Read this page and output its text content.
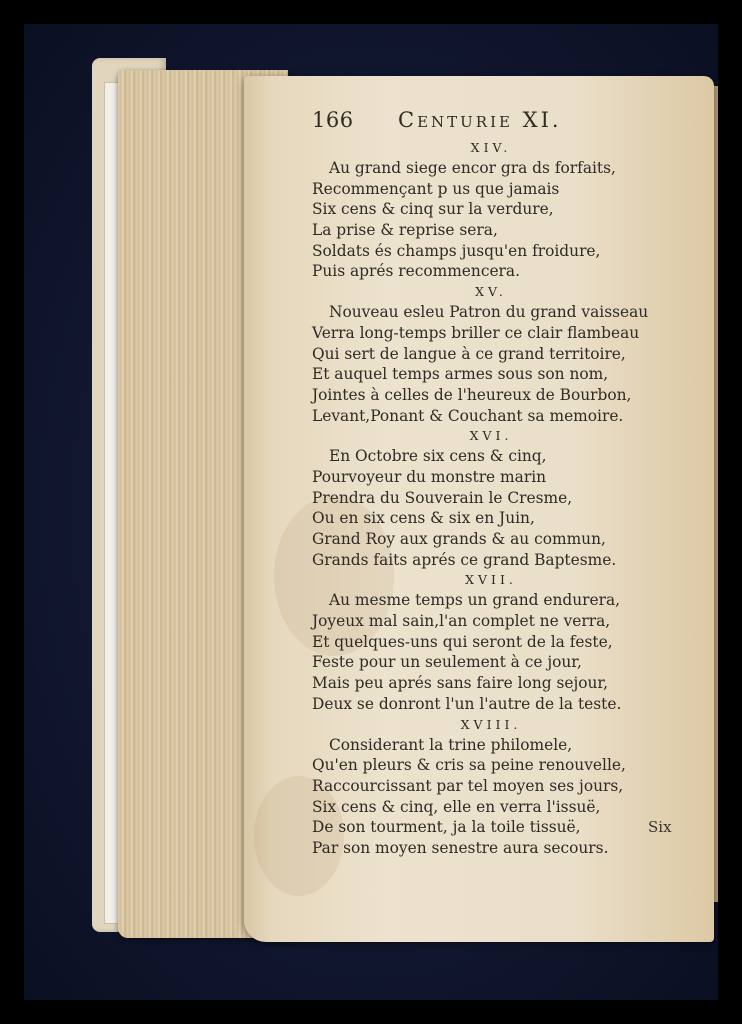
166 Centurie XI.
XIV.
Au grand siege encor gra ds forfaits,
Recommençant p us que jamais
Six cens & cinq sur la verdure,
La prise & reprise sera,
Soldats és champs jusqu'en froidure,
Puis aprés recommencera.
XV.
Nouveau esleu Patron du grand vaisseau
Verra long-temps briller ce clair flambeau
Qui sert de langue à ce grand territoire,
Et auquel temps armes sous son nom,
Jointes à celles de l'heureux de Bourbon,
Levant,Ponant & Couchant sa memoire.
XVI.
En Octobre six cens & cinq,
Pourvoyeur du monstre marin
Prendra du Souverain le Cresme,
Ou en six cens & six en Juin,
Grand Roy aux grands & au commun,
Grands faits aprés ce grand Baptesme.
XVII.
Au mesme temps un grand endurera,
Joyeux mal sain,l'an complet ne verra,
Et quelques-uns qui seront de la feste,
Feste pour un seulement à ce jour,
Mais peu aprés sans faire long sejour,
Deux se donront l'un l'autre de la teste.
XVIII.
Considerant la trine philomele,
Qu'en pleurs & cris sa peine renouvelle,
Raccourcissant par tel moyen ses jours,
Six cens & cinq, elle en verra l'issuë,
De son tourment, ja la toile tissuë,
Par son moyen senestre aura secours.
Six
